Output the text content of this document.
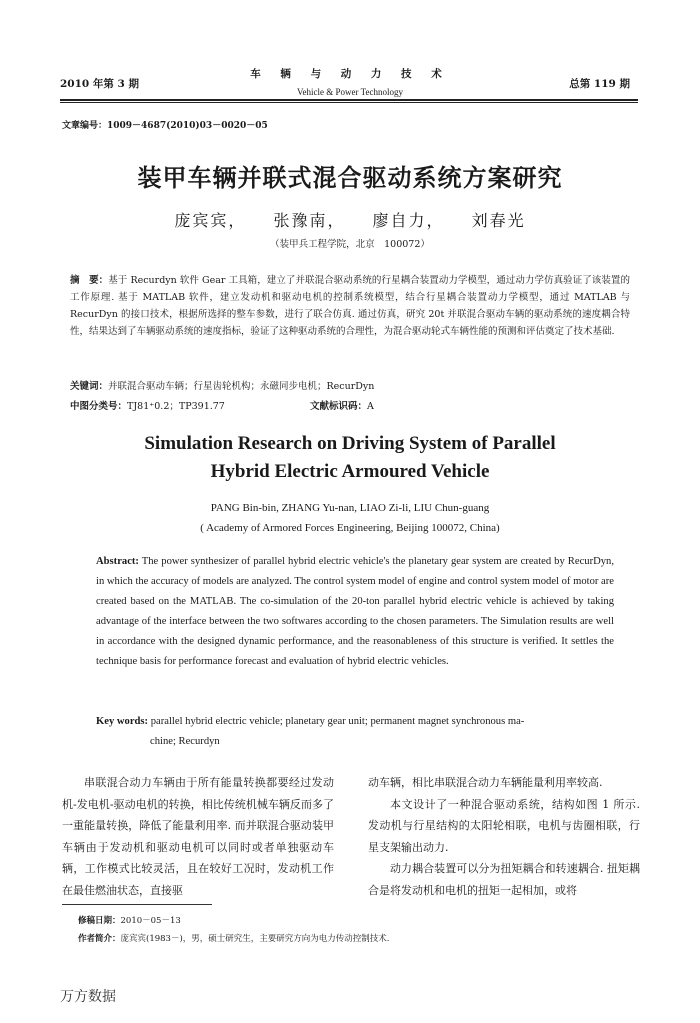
2010 年第 3 期
车 辆 与 动 力 技 术
Vehicle & Power Technology
总第 119 期
文章编号：1009－4687(2010)03－0020－05
装甲车辆并联式混合驱动系统方案研究
庞宾宾， 张豫南， 廖自力， 刘春光
（装甲兵工程学院，北京　100072）
摘　要：基于 Recurdyn 软件 Gear 工具箱，建立了并联混合驱动系统的行星耦合装置动力学模型，通过动力学仿真验证了该装置的工作原理. 基于 MATLAB 软件，建立发动机和驱动电机的控制系统模型，结合行星耦合装置动力学模型，通过 MATLAB 与 RecurDyn 的接口技术，根据所选择的整车参数，进行了联合仿真. 通过仿真，研究 20t 并联混合驱动车辆的驱动系统的速度耦合特性，结果达到了车辆驱动系统的速度指标，验证了这种驱动系统的合理性，为混合驱动轮式车辆性能的预测和评估奠定了技术基础.
关键词：并联混合驱动车辆；行星齿轮机构；永磁同步电机；RecurDyn
中图分类号：TJ81⁺0.2；TP391.77	文献标识码：A
Simulation Research on Driving System of Parallel
Hybrid Electric Armoured Vehicle
PANG Bin-bin, ZHANG Yu-nan, LIAO Zi-li, LIU Chun-guang
( Academy of Armored Forces Engineering, Beijing 100072, China)
Abstract: The power synthesizer of parallel hybrid electric vehicle's the planetary gear system are created by RecurDyn, in which the accuracy of models are analyzed. The control system model of engine and control system model of motor are created based on the MATLAB. The co-simulation of the 20-ton parallel hybrid electric vehicle is achieved by taking advantage of the interface between the two softwares according to the chosen parameters. The Simulation results are well in accordance with the designed dynamic performance, and the reasonableness of this structure is verified. It settles the technique basis for performance forecast and evaluation of hybrid electric vehicles.
Key words: parallel hybrid electric vehicle; planetary gear unit; permanent magnet synchronous ma-
chine; Recurdyn

串联混合动力车辆由于所有能量转换都要经过发动机-发电机-驱动电机的转换，相比传统机械车辆反而多了一重能量转换，降低了能量利用率. 而并联混合驱动装甲车辆由于发动机和驱动电机可以同时或者单独驱动车辆，工作模式比较灵活，且在较好工况时，发动机工作在最佳燃油状态，直接驱

动车辆，相比串联混合动力车辆能量利用率较高.

本文设计了一种混合驱动系统，结构如图 1 所示. 发动机与行星结构的太阳轮相联，电机与齿圈相联，行星支架输出动力.

动力耦合装置可以分为扭矩耦合和转速耦合. 扭矩耦合是将发动机和电机的扭矩一起相加，或将

修稿日期：2010－05－13
作者简介：庞宾宾(1983－)，男，硕士研究生，主要研究方向为电力传动控制技术.
万方数据
